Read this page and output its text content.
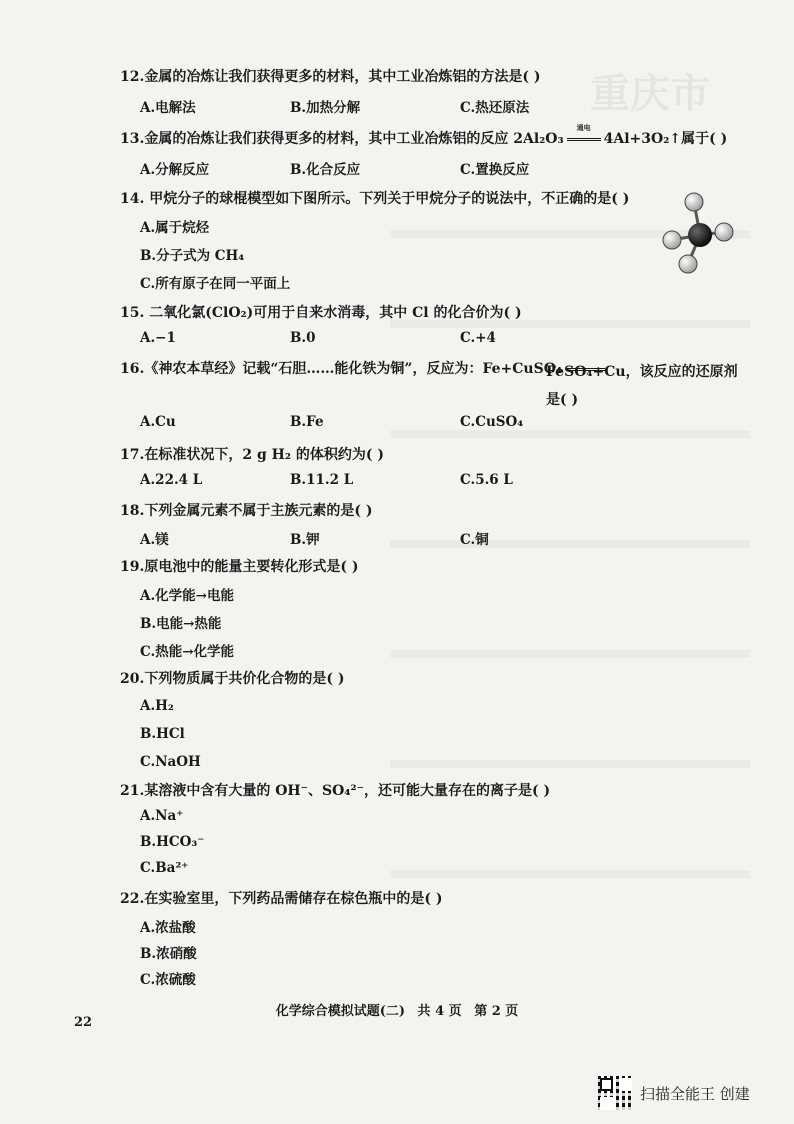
重庆市
12.金属的冶炼让我们获得更多的材料，其中工业冶炼铝的方法是( )
A.电解法	B.加热分解	C.热还原法
13.金属的冶炼让我们获得更多的材料，其中工业冶炼铝的反应 2Al₂O₃
通电
4Al+3O₂↑属于( )
A.分解反应	B.化合反应	C.置换反应
14. 甲烷分子的球棍模型如下图所示。下列关于甲烷分子的说法中，不正确的是( )
A.属于烷烃
B.分子式为 CH₄
C.所有原子在同一平面上
15. 二氧化氯(ClO₂)可用于自来水消毒，其中 Cl 的化合价为( )
A.−1	B.0	C.+4
16.《神农本草经》记载“石胆……能化铁为铜”，反应为：Fe+CuSO₄
FeSO₄+Cu，该反应的还原剂是( )
A.Cu	B.Fe	C.CuSO₄
17.在标准状况下，2 g H₂ 的体积约为( )
A.22.4 L	B.11.2 L	C.5.6 L
18.下列金属元素不属于主族元素的是( )
A.镁	B.钾	C.铜
19.原电池中的能量主要转化形式是( )
A.化学能→电能
B.电能→热能
C.热能→化学能
20.下列物质属于共价化合物的是( )
A.H₂
B.HCl
C.NaOH
21.某溶液中含有大量的 OH⁻、SO₄²⁻，还可能大量存在的离子是( )
A.Na⁺
B.HCO₃⁻
C.Ba²⁺
22.在实验室里，下列药品需储存在棕色瓶中的是( )
A.浓盐酸
B.浓硝酸
C.浓硫酸
化学综合模拟试题(二) 共 4 页 第 2 页
22
扫描全能王 创建
